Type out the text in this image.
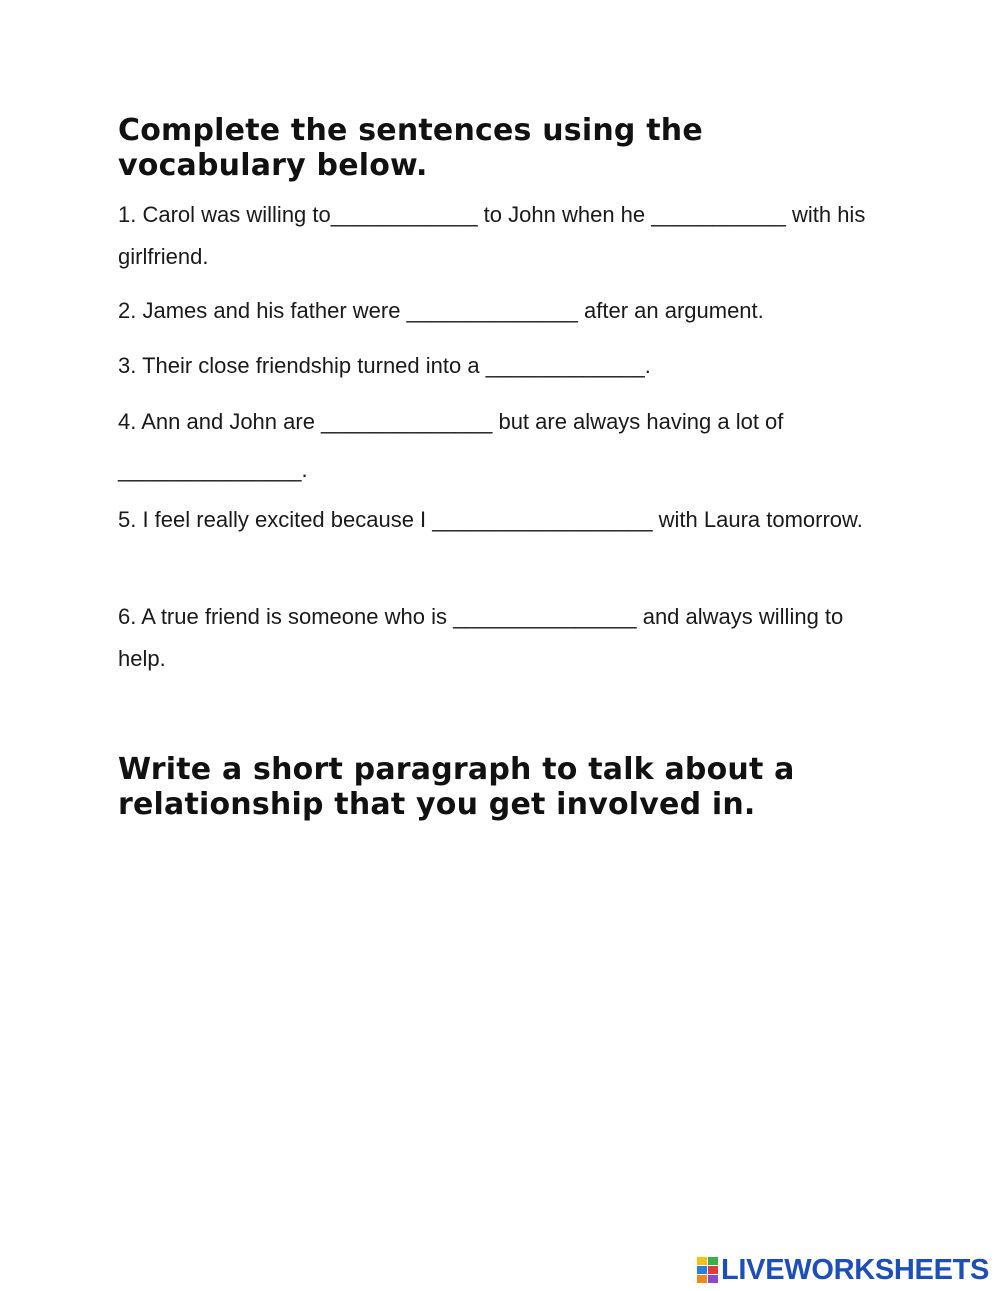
Complete the sentences using the vocabulary below.

1. Carol was willing to____________ to John when he ___________ with his girlfriend.

2. James and his father were ______________ after an argument.

3. Their close friendship turned into a _____________.

4. Ann and John are ______________ but are always having a lot of _______________.

5. I feel really excited because I __________________ with Laura tomorrow.

6. A true friend is someone who is _______________ and always willing to help.

Write a short paragraph to talk about a relationship that you get involved in.
LIVEWORKSHEETS
